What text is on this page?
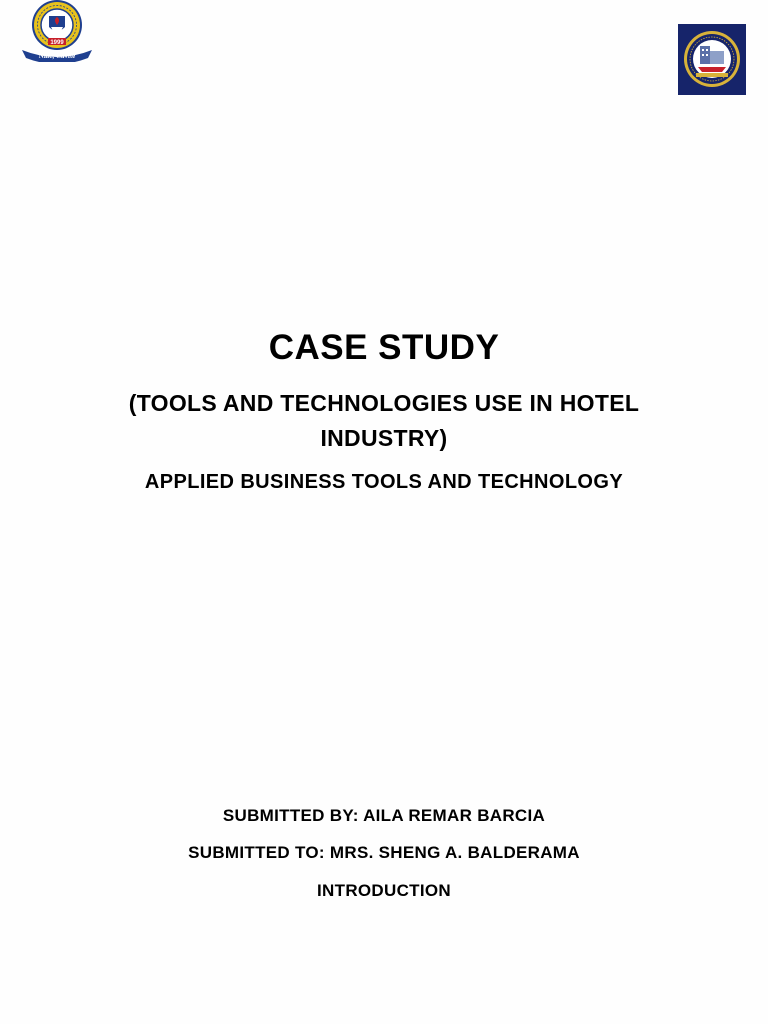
Naic, Cavite
1999
CASE STUDY
(TOOLS AND TECHNOLOGIES USE IN HOTEL
INDUSTRY)
APPLIED BUSINESS TOOLS AND TECHNOLOGY
SUBMITTED BY: AILA REMAR BARCIA
SUBMITTED TO: MRS. SHENG A. BALDERAMA
INTRODUCTION
